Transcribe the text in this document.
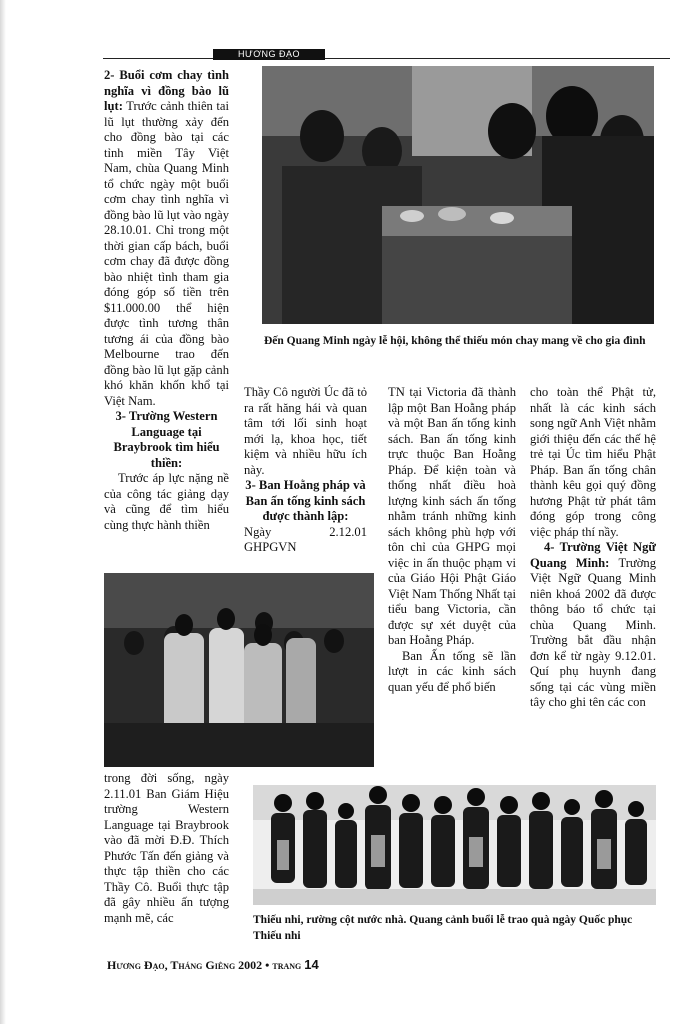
HƯƠNG ĐẠO

2- Buổi cơm chay tình nghĩa vì đồng bào lũ lụt: Trước cảnh thiên tai lũ lụt thường xảy đến cho đồng bào tại các tỉnh miền Tây Việt Nam, chùa Quang Minh tổ chức ngày một buổi cơm chay tình nghĩa vì đồng bào lũ lụt vào ngày 28.10.01. Chỉ trong một thời gian cấp bách, buổi cơm chay đã được đồng bào nhiệt tình tham gia đóng góp số tiền trên $11.000.00 thể hiện được tình tương thân tương ái của đồng bào Melbourne trao đến đồng bào lũ lụt gặp cảnh khó khăn khốn khổ tại Việt Nam.

3- Trường Western Language tại Braybrook tìm hiểu thiền:

Trước áp lực nặng nề của công tác giảng dạy và cũng để tìm hiểu cùng thực hành thiền

Đến Quang Minh ngày lễ hội, không thể thiếu món chay mang về cho gia đình

Thầy Cô người Úc đã tỏ ra rất hăng hái và quan tâm tới lối sinh hoạt mới lạ, khoa học, tiết kiệm và nhiều hữu ích này.

3- Ban Hoằng pháp và Ban ấn tống kinh sách được thành lập:

Ngày 2.12.01 GHPGVN

TN tại Victoria đã thành lập một Ban Hoằng pháp và một Ban ấn tống kinh sách. Ban ấn tống kinh trực thuộc Ban Hoằng Pháp. Để kiện toàn và thống nhất điều hoà lượng kinh sách ấn tống nhằm tránh những kinh sách không phù hợp với tôn chỉ của GHPG mọi việc in ấn thuộc phạm vi của Giáo Hội Phật Giáo Việt Nam Thống Nhất tại tiểu bang Victoria, cần được sự xét duyệt của ban Hoằng Pháp.

Ban Ấn tống sẽ lần lượt in các kinh sách quan yếu để phổ biến

cho toàn thể Phật tử, nhất là các kinh sách song ngữ Anh Việt nhằm giới thiệu đến các thế hệ trẻ tại Úc tìm hiểu Phật Pháp. Ban ấn tống chân thành kêu gọi quý đồng hương Phật tử phát tâm đóng góp trong công việc pháp thí nầy.

4- Trường Việt Ngữ Quang Minh: Trường Việt Ngữ Quang Minh niên khoá 2002 đã được thông báo tổ chức tại chùa Quang Minh. Trường bắt đầu nhận đơn kể từ ngày 9.12.01. Quí phụ huynh đang sống tại các vùng miền tây cho ghi tên các con

trong đời sống, ngày 2.11.01 Ban Giám Hiệu trường Western Language tại Braybrook vào đã mời Đ.Đ. Thích Phước Tấn đến giảng và thực tập thiền cho các Thầy Cô. Buổi thực tập đã gây nhiều ấn tượng mạnh mẽ, các	Thiếu nhi, rường cột nước nhà. Quang cảnh buổi lễ trao quà ngày Quốc phục Thiếu nhi
Hương Đạo, Tháng Giêng 2002 • trang 14
